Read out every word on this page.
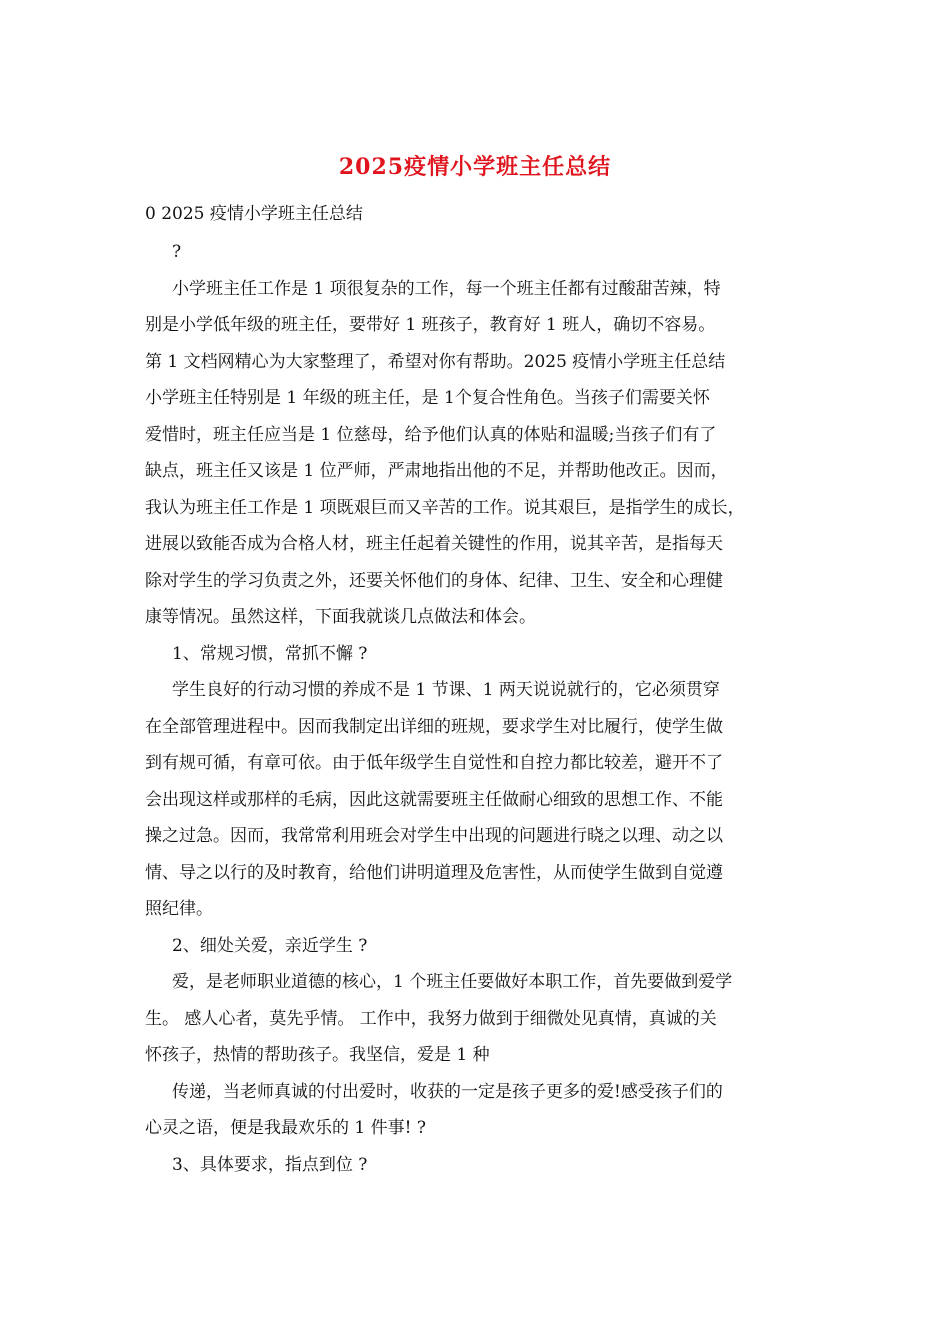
2025疫情小学班主任总结
0 2025 疫情小学班主任总结
?
小学班主任工作是 1 项很复杂的工作，每一个班主任都有过酸甜苦辣，特
别是小学低年级的班主任，要带好 1 班孩子，教育好 1 班人，确切不容易。
第 1 文档网精心为大家整理了，希望对你有帮助。2025 疫情小学班主任总结
小学班主任特别是 1 年级的班主任，是 1个复合性角色。当孩子们需要关怀
爱惜时，班主任应当是 1 位慈母，给予他们认真的体贴和温暖;当孩子们有了
缺点，班主任又该是 1 位严师，严肃地指出他的不足，并帮助他改正。因而，
我认为班主任工作是 1 项既艰巨而又辛苦的工作。说其艰巨，是指学生的成长，
进展以致能否成为合格人材，班主任起着关键性的作用，说其辛苦，是指每天
除对学生的学习负责之外，还要关怀他们的身体、纪律、卫生、安全和心理健
康等情况。虽然这样，下面我就谈几点做法和体会。
1、常规习惯，常抓不懈 ?
学生良好的行动习惯的养成不是 1 节课、1 两天说说就行的，它必须贯穿
在全部管理进程中。因而我制定出详细的班规，要求学生对比履行，使学生做
到有规可循，有章可依。由于低年级学生自觉性和自控力都比较差，避开不了
会出现这样或那样的毛病，因此这就需要班主任做耐心细致的思想工作、不能
操之过急。因而，我常常利用班会对学生中出现的问题进行晓之以理、动之以
情、导之以行的及时教育，给他们讲明道理及危害性，从而使学生做到自觉遵
照纪律。
2、细处关爱，亲近学生 ?
爱，是老师职业道德的核心，1 个班主任要做好本职工作，首先要做到爱学
生。 感人心者，莫先乎情。 工作中，我努力做到于细微处见真情，真诚的关
怀孩子，热情的帮助孩子。我坚信，爱是 1 种
传递，当老师真诚的付出爱时，收获的一定是孩子更多的爱!感受孩子们的
心灵之语，便是我最欢乐的 1 件事! ?
3、具体要求，指点到位 ?
